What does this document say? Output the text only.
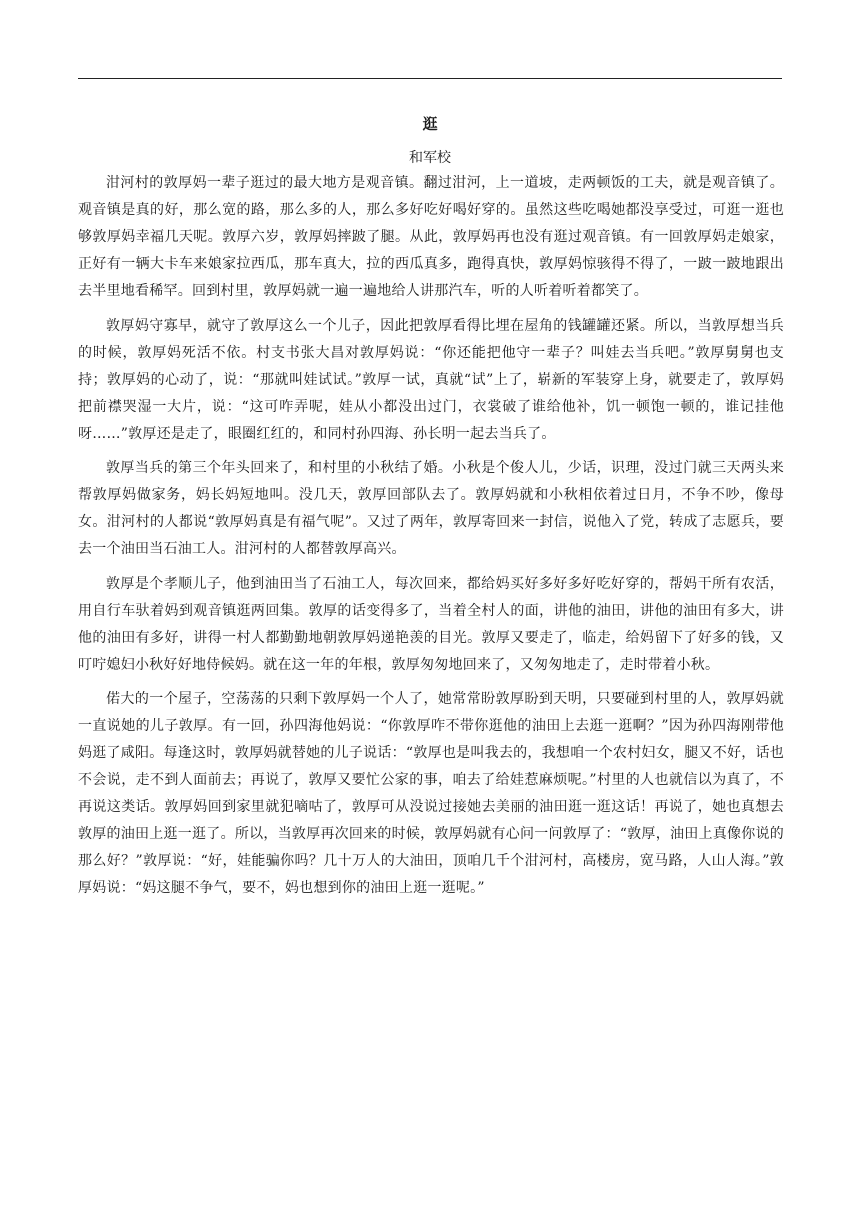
逛
和军校

泔河村的敦厚妈一辈子逛过的最大地方是观音镇。翻过泔河，上一道坡，走两顿饭的工夫，就是观音镇了。观音镇是真的好，那么宽的路，那么多的人，那么多好吃好喝好穿的。虽然这些吃喝她都没享受过，可逛一逛也够敦厚妈幸福几天呢。敦厚六岁，敦厚妈摔跛了腿。从此，敦厚妈再也没有逛过观音镇。有一回敦厚妈走娘家，正好有一辆大卡车来娘家拉西瓜，那车真大，拉的西瓜真多，跑得真快，敦厚妈惊骇得不得了，一跛一跛地跟出去半里地看稀罕。回到村里，敦厚妈就一遍一遍地给人讲那汽车，听的人听着听着都笑了。

敦厚妈守寡早，就守了敦厚这么一个儿子，因此把敦厚看得比埋在屋角的钱罐罐还紧。所以，当敦厚想当兵的时候，敦厚妈死活不依。村支书张大昌对敦厚妈说：“你还能把他守一辈子？叫娃去当兵吧。”敦厚舅舅也支持；敦厚妈的心动了，说：“那就叫娃试试。”敦厚一试，真就“试”上了，崭新的军装穿上身，就要走了，敦厚妈把前襟哭湿一大片，说：“这可咋弄呢，娃从小都没出过门，衣裳破了谁给他补，饥一顿饱一顿的，谁记挂他呀……”敦厚还是走了，眼圈红红的，和同村孙四海、孙长明一起去当兵了。

敦厚当兵的第三个年头回来了，和村里的小秋结了婚。小秋是个俊人儿，少话，识理，没过门就三天两头来帮敦厚妈做家务，妈长妈短地叫。没几天，敦厚回部队去了。敦厚妈就和小秋相依着过日月，不争不吵，像母女。泔河村的人都说“敦厚妈真是有福气呢”。又过了两年，敦厚寄回来一封信，说他入了党，转成了志愿兵，要去一个油田当石油工人。泔河村的人都替敦厚高兴。

敦厚是个孝顺儿子，他到油田当了石油工人，每次回来，都给妈买好多好多好吃好穿的，帮妈干所有农活，用自行车驮着妈到观音镇逛两回集。敦厚的话变得多了，当着全村人的面，讲他的油田，讲他的油田有多大，讲他的油田有多好，讲得一村人都勤勤地朝敦厚妈递艳羡的目光。敦厚又要走了，临走，给妈留下了好多的钱，又叮咛媳妇小秋好好地侍候妈。就在这一年的年根，敦厚匆匆地回来了，又匆匆地走了，走时带着小秋。

偌大的一个屋子，空荡荡的只剩下敦厚妈一个人了，她常常盼敦厚盼到天明，只要碰到村里的人，敦厚妈就一直说她的儿子敦厚。有一回，孙四海他妈说：“你敦厚咋不带你逛他的油田上去逛一逛啊？”因为孙四海刚带他妈逛了咸阳。每逢这时，敦厚妈就替她的儿子说话：“敦厚也是叫我去的，我想咱一个农村妇女，腿又不好，话也不会说，走不到人面前去；再说了，敦厚又要忙公家的事，咱去了给娃惹麻烦呢。”村里的人也就信以为真了，不再说这类话。敦厚妈回到家里就犯嘀咕了，敦厚可从没说过接她去美丽的油田逛一逛这话！再说了，她也真想去敦厚的油田上逛一逛了。所以，当敦厚再次回来的时候，敦厚妈就有心问一问敦厚了：“敦厚，油田上真像你说的那么好？”敦厚说：“好，娃能骗你吗？几十万人的大油田，顶咱几千个泔河村，高楼房，宽马路，人山人海。”敦厚妈说：“妈这腿不争气，要不，妈也想到你的油田上逛一逛呢。”
